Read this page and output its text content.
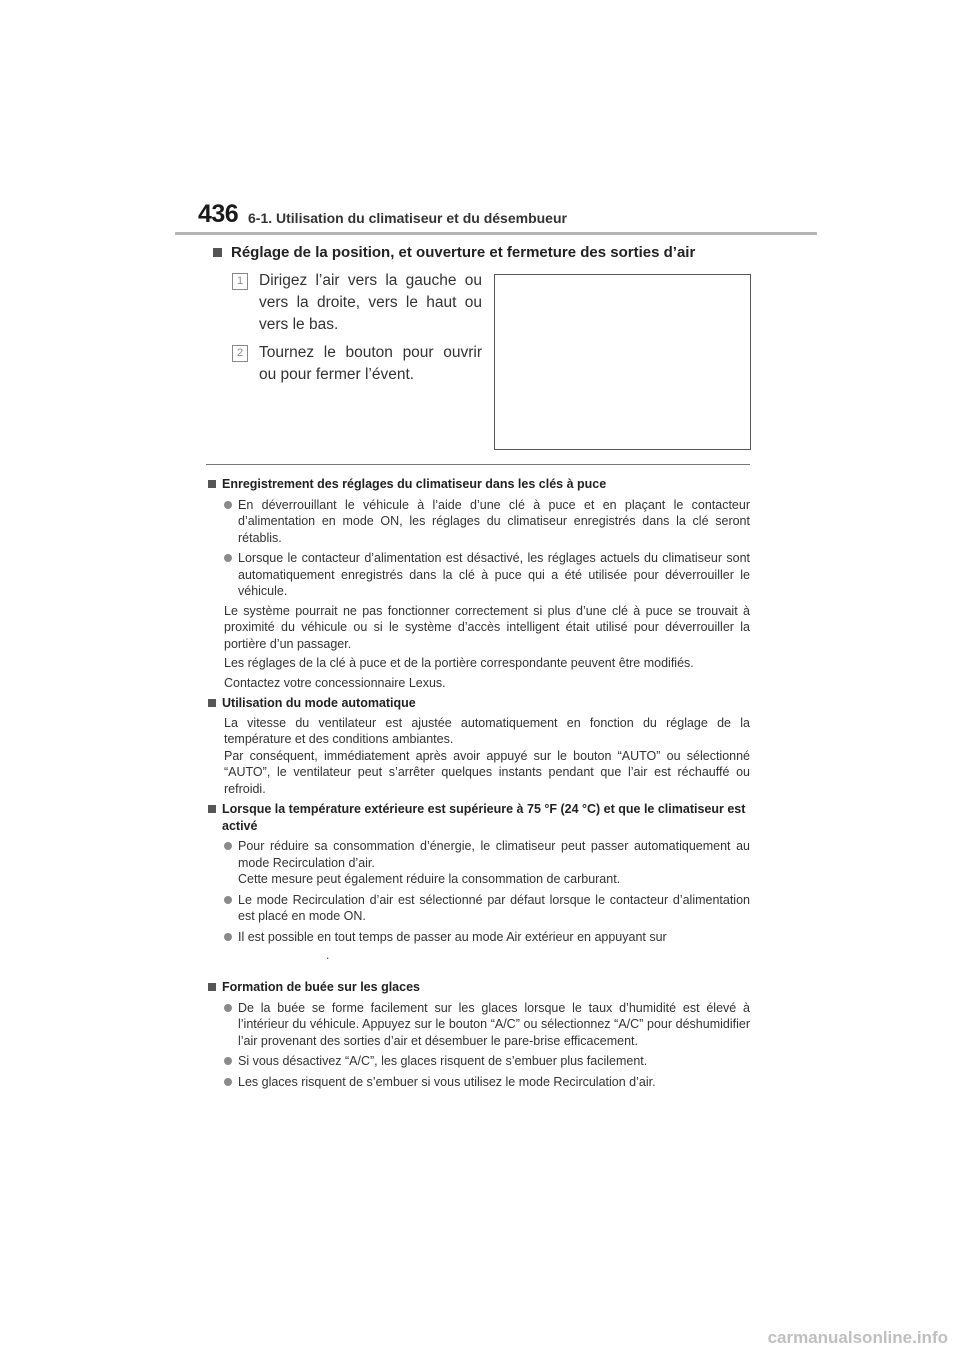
436 6-1. Utilisation du climatiseur et du désembueur
Réglage de la position, et ouverture et fermeture des sorties d’air
1	Dirigez l’air vers la gauche ou vers la droite, vers le haut ou vers le bas.
2	Tournez le bouton pour ouvrir ou pour fermer l’évent.
Enregistrement des réglages du climatiseur dans les clés à puce
En déverrouillant le véhicule à l’aide d’une clé à puce et en plaçant le contacteur d’alimentation en mode ON, les réglages du climatiseur enregistrés dans la clé seront rétablis.
Lorsque le contacteur d’alimentation est désactivé, les réglages actuels du climatiseur sont automatiquement enregistrés dans la clé à puce qui a été utilisée pour déverrouiller le véhicule.
Le système pourrait ne pas fonctionner correctement si plus d’une clé à puce se trouvait à proximité du véhicule ou si le système d’accès intelligent était utilisé pour déverrouiller la portière d’un passager.
Les réglages de la clé à puce et de la portière correspondante peuvent être modifiés.
Contactez votre concessionnaire Lexus.
Utilisation du mode automatique
La vitesse du ventilateur est ajustée automatiquement en fonction du réglage de la température et des conditions ambiantes.
Par conséquent, immédiatement après avoir appuyé sur le bouton “AUTO” ou sélectionné “AUTO”, le ventilateur peut s’arrêter quelques instants pendant que l’air est réchauffé ou refroidi.
Lorsque la température extérieure est supérieure à 75 °F (24 °C) et que le climatiseur est activé
Pour réduire sa consommation d’énergie, le climatiseur peut passer automatiquement au mode Recirculation d’air.
Cette mesure peut également réduire la consommation de carburant.
Le mode Recirculation d’air est sélectionné par défaut lorsque le contacteur d’alimentation est placé en mode ON.
Il est possible en tout temps de passer au mode Air extérieur en appuyant sur
.
Formation de buée sur les glaces
De la buée se forme facilement sur les glaces lorsque le taux d’humidité est élevé à l’intérieur du véhicule. Appuyez sur le bouton “A/C” ou sélectionnez “A/C” pour déshumidifier l’air provenant des sorties d’air et désembuer le pare-brise efficacement.
Si vous désactivez “A/C”, les glaces risquent de s’embuer plus facilement.
Les glaces risquent de s’embuer si vous utilisez le mode Recirculation d’air.
carmanualsonline.info
